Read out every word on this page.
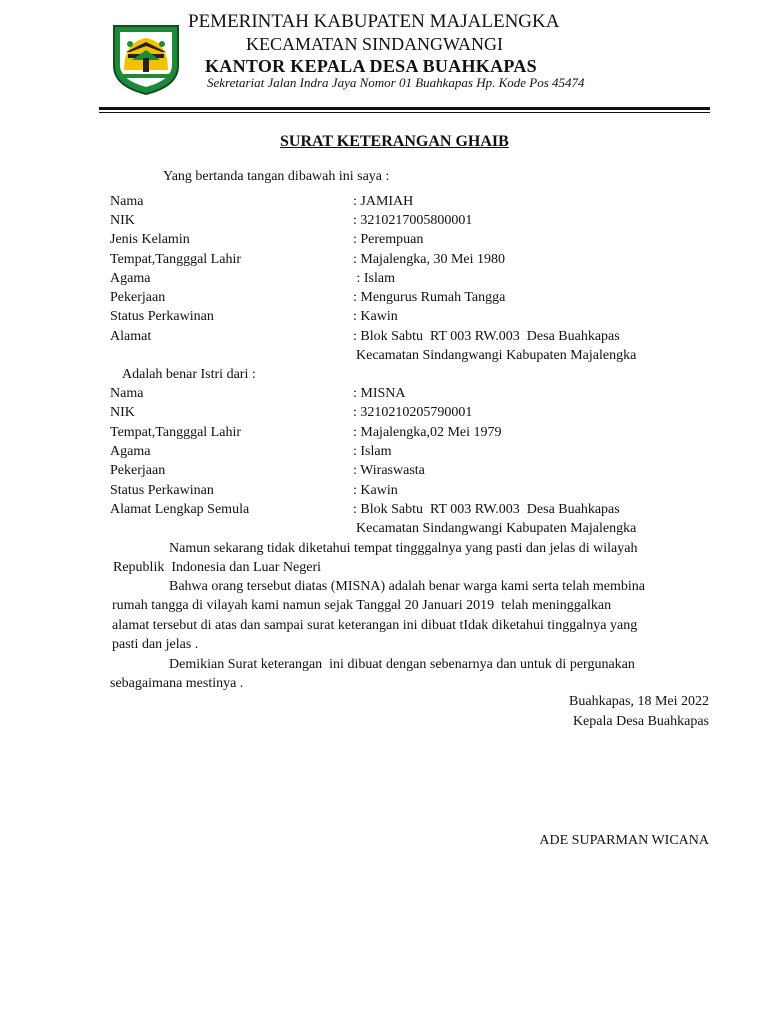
PEMERINTAH KABUPATEN MAJALENGKA
KECAMATAN SINDANGWANGI
KANTOR KEPALA DESA BUAHKAPAS
Sekretariat Jalan Indra Jaya Nomor 01 Buahkapas Hp. Kode Pos 45474
SURAT KETERANGAN GHAIB
Yang bertanda tangan dibawah ini saya :
Nama	: JAMIAH
NIK	: 3210217005800001
Jenis Kelamin	: Perempuan
Tempat,Tangggal Lahir	: Majalengka, 30 Mei 1980
Agama	: Islam
Pekerjaan	: Mengurus Rumah Tangga
Status Perkawinan	: Kawin
Alamat	: Blok Sabtu  RT 003 RW.003  Desa Buahkapas
Kecamatan Sindangwangi Kabupaten Majalengka
Adalah benar Istri dari :
Nama	: MISNA
NIK	: 3210210205790001
Tempat,Tangggal Lahir	: Majalengka,02 Mei 1979
Agama	: Islam
Pekerjaan	: Wiraswasta
Status Perkawinan	: Kawin
Alamat Lengkap Semula	: Blok Sabtu  RT 003 RW.003  Desa Buahkapas
Kecamatan Sindangwangi Kabupaten Majalengka
Namun sekarang tidak diketahui tempat tingggalnya yang pasti dan jelas di wilayah
Republik  Indonesia dan Luar Negeri
Bahwa orang tersebut diatas (MISNA) adalah benar warga kami serta telah membina
rumah tangga di vilayah kami namun sejak Tanggal 20 Januari 2019  telah meninggalkan
alamat tersebut di atas dan sampai surat keterangan ini dibuat tIdak diketahui tinggalnya yang
pasti dan jelas .
Demikian Surat keterangan  ini dibuat dengan sebenarnya dan untuk di pergunakan
sebagaimana mestinya .
Buahkapas, 18 Mei 2022
Kepala Desa Buahkapas
ADE SUPARMAN WICANA
